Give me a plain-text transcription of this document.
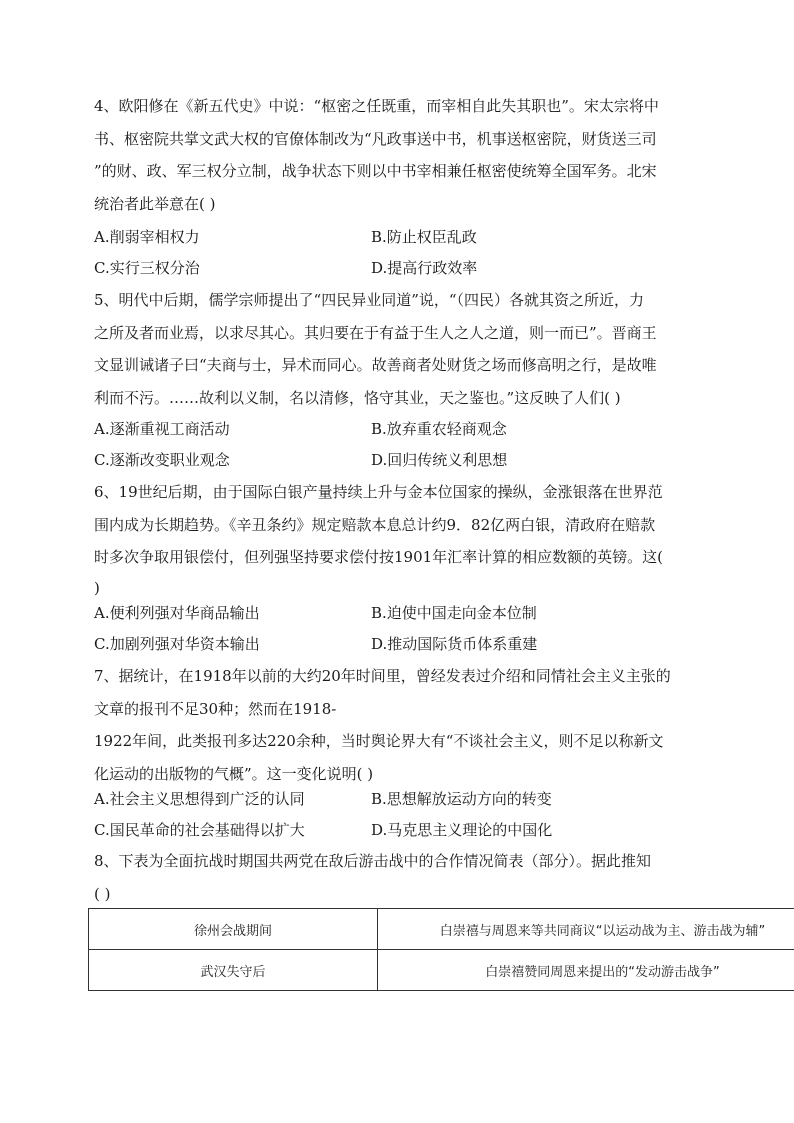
4、欧阳修在《新五代史》中说：“枢密之任既重，而宰相自此失其职也”。宋太宗将中
书、枢密院共掌文武大权的官僚体制改为“凡政事送中书，机事送枢密院，财货送三司
”的财、政、军三权分立制，战争状态下则以中书宰相兼任枢密使统筹全国军务。北宋
统治者此举意在( )
A.削弱宰相权力	B.防止权臣乱政
C.实行三权分治	D.提高行政效率
5、明代中后期，儒学宗师提出了“四民异业同道”说，“（四民）各就其资之所近，力
之所及者而业焉，以求尽其心。其归要在于有益于生人之人之道，则一而已”。晋商王
文显训诫诸子曰“夫商与士，异术而同心。故善商者处财货之场而修高明之行，是故唯
利而不污。……故利以义制，名以清修，恪守其业，天之鉴也。”这反映了人们( )
A.逐渐重视工商活动	B.放弃重农轻商观念
C.逐渐改变职业观念	D.回归传统义利思想
6、19世纪后期，由于国际白银产量持续上升与金本位国家的操纵，金涨银落在世界范
围内成为长期趋势。《辛丑条约》规定赔款本息总计约9．82亿两白银，清政府在赔款
时多次争取用银偿付，但列强坚持要求偿付按1901年汇率计算的相应数额的英镑。这(
)
A.便利列强对华商品输出	B.迫使中国走向金本位制
C.加剧列强对华资本输出	D.推动国际货币体系重建
7、据统计，在1918年以前的大约20年时间里，曾经发表过介绍和同情社会主义主张的
文章的报刊不足30种；然而在1918-
1922年间，此类报刊多达220余种，当时舆论界大有“不谈社会主义，则不足以称新文
化运动的出版物的气概”。这一变化说明( )
A.社会主义思想得到广泛的认同	B.思想解放运动方向的转变
C.国民革命的社会基础得以扩大	D.马克思主义理论的中国化
8、下表为全面抗战时期国共两党在敌后游击战中的合作情况简表（部分）。据此推知
( )
徐州会战期间	白崇禧与周恩来等共同商议“以运动战为主、游击战为辅”
武汉失守后	白崇禧赞同周恩来提出的“发动游击战争”
